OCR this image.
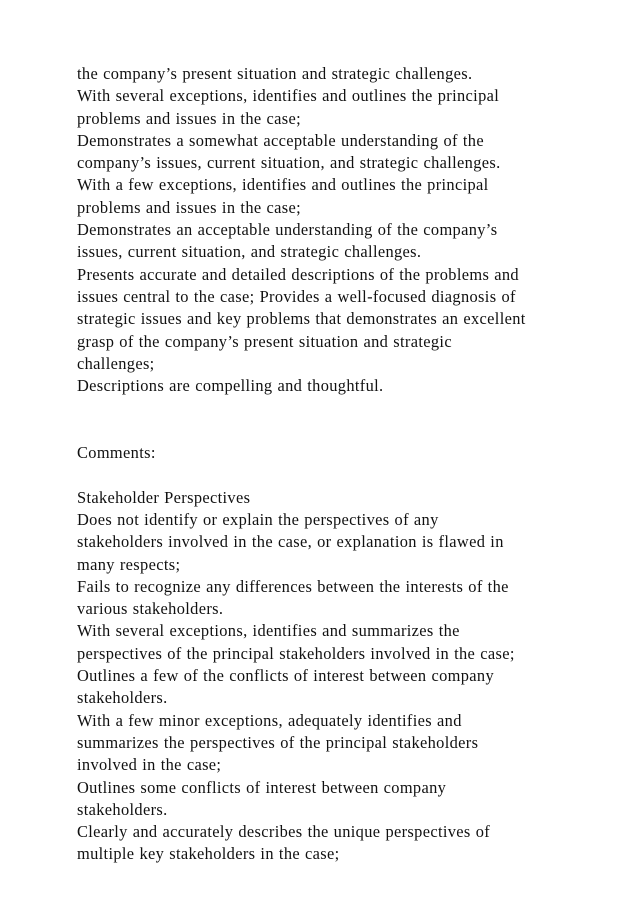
the company’s present situation and strategic challenges.
With several exceptions, identifies and outlines the principal
problems and issues in the case;
Demonstrates a somewhat acceptable understanding of the
company’s issues, current situation, and strategic challenges.
With a few exceptions, identifies and outlines the principal
problems and issues in the case;
Demonstrates an acceptable understanding of the company’s
issues, current situation, and strategic challenges.
Presents accurate and detailed descriptions of the problems and
issues central to the case; Provides a well-focused diagnosis of
strategic issues and key problems that demonstrates an excellent
grasp of the company’s present situation and strategic
challenges;
Descriptions are compelling and thoughtful.
Comments:
Stakeholder Perspectives
Does not identify or explain the perspectives of any
stakeholders involved in the case, or explanation is flawed in
many respects;
Fails to recognize any differences between the interests of the
various stakeholders.
With several exceptions, identifies and summarizes the
perspectives of the principal stakeholders involved in the case;
Outlines a few of the conflicts of interest between company
stakeholders.
With a few minor exceptions, adequately identifies and
summarizes the perspectives of the principal stakeholders
involved in the case;
Outlines some conflicts of interest between company
stakeholders.
Clearly and accurately describes the unique perspectives of
multiple key stakeholders in the case;
